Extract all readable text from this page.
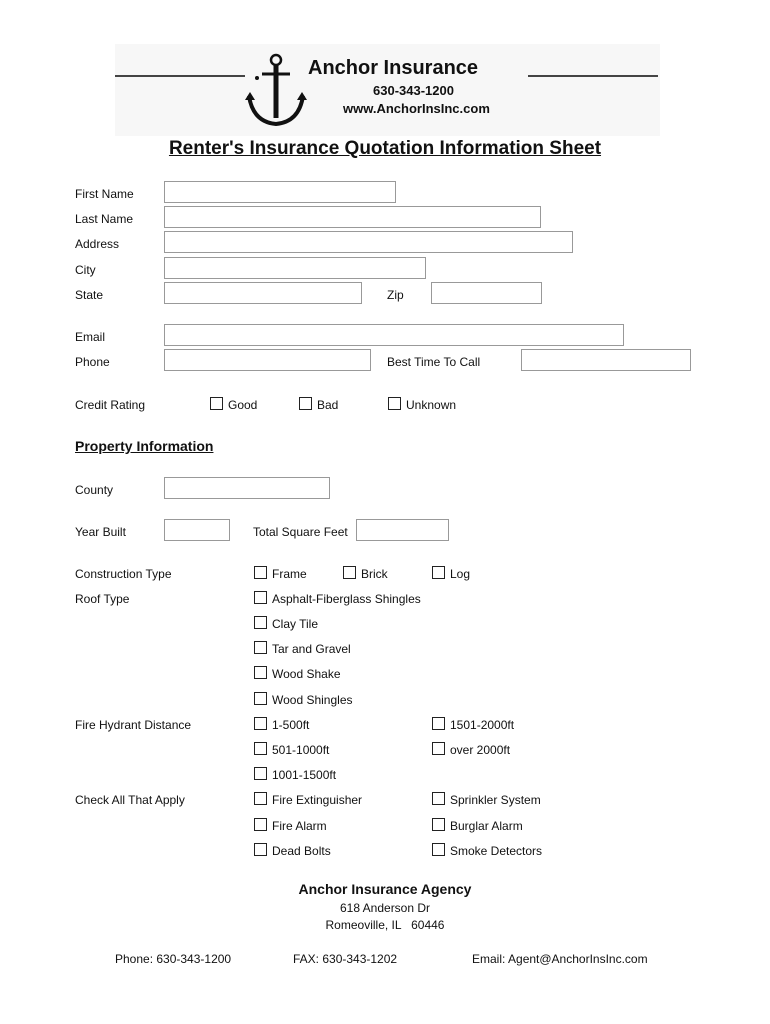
Anchor Insurance
630-343-1200
www.AnchorInsInc.com
Renter's Insurance Quotation Information Sheet
First Name
Last Name
Address
City
State	Zip
Email
Phone	Best Time To Call
Credit Rating	Good	Bad	Unknown
Property Information
County
Year Built	Total Square Feet
Construction Type	Frame	Brick	Log
Roof Type	Asphalt-Fiberglass Shingles
Clay Tile
Tar and Gravel
Wood Shake
Wood Shingles
Fire Hydrant Distance	1-500ft	1501-2000ft
501-1000ft	over 2000ft
1001-1500ft
Check All That Apply	Fire Extinguisher	Sprinkler System
Fire Alarm	Burglar Alarm
Dead Bolts	Smoke Detectors
Anchor Insurance Agency
618 Anderson Dr
Romeoville, IL   60446
Phone: 630-343-1200	FAX: 630-343-1202	Email: Agent@AnchorInsInc.com
